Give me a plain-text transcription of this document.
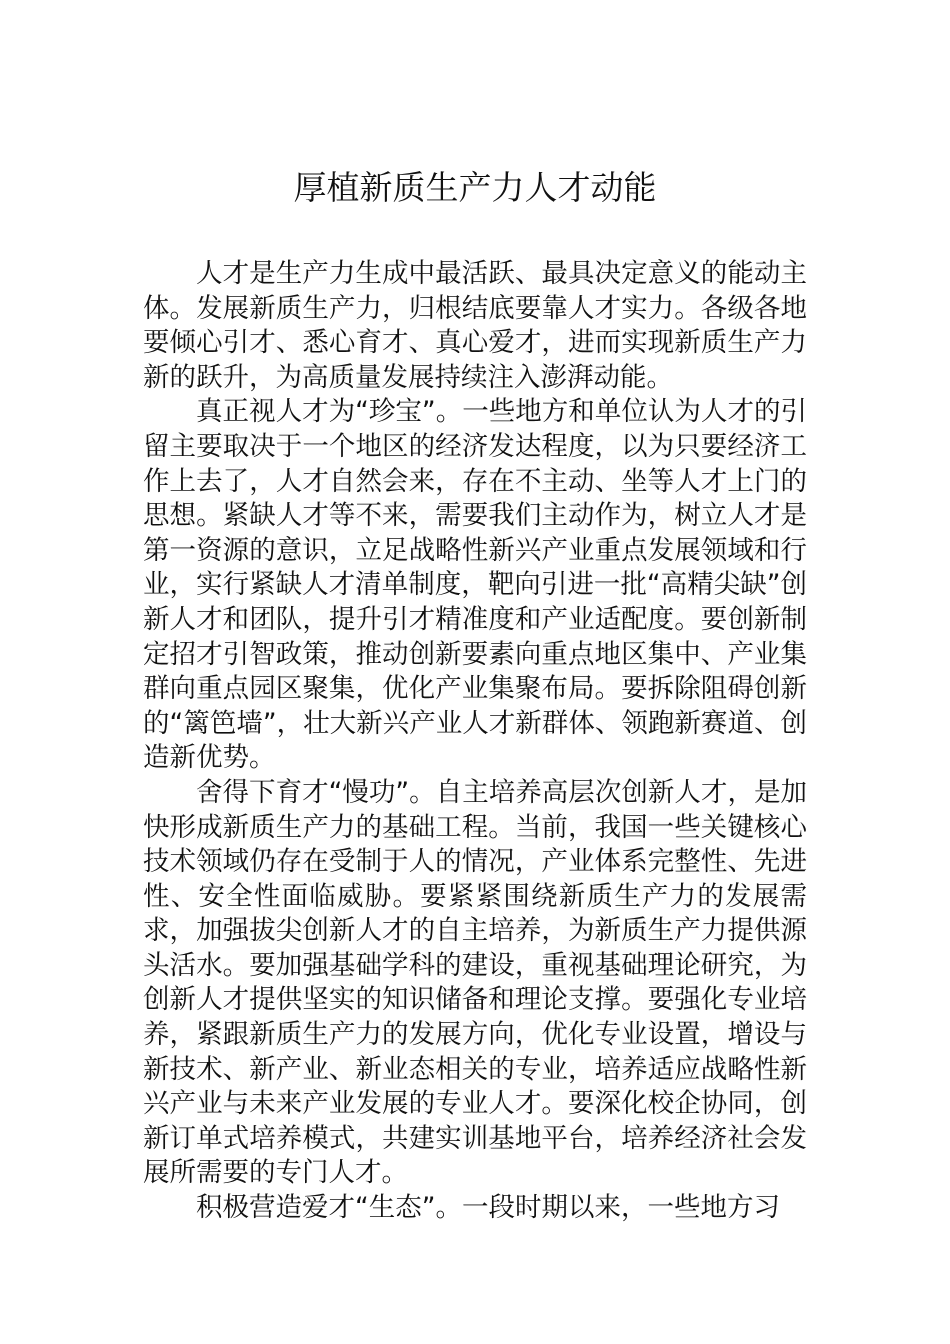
厚植新质生产力人才动能

人才是生产力生成中最活跃、最具决定意义的能动主体。发展新质生产力，归根结底要靠人才实力。各级各地要倾心引才、悉心育才、真心爱才，进而实现新质生产力新的跃升，为高质量发展持续注入澎湃动能。

真正视人才为“珍宝”。一些地方和单位认为人才的引留主要取决于一个地区的经济发达程度，以为只要经济工作上去了，人才自然会来，存在不主动、坐等人才上门的思想。紧缺人才等不来，需要我们主动作为，树立人才是第一资源的意识，立足战略性新兴产业重点发展领域和行业，实行紧缺人才清单制度，靶向引进一批“高精尖缺”创新人才和团队，提升引才精准度和产业适配度。要创新制定招才引智政策，推动创新要素向重点地区集中、产业集群向重点园区聚集，优化产业集聚布局。要拆除阻碍创新的“篱笆墙”，壮大新兴产业人才新群体、领跑新赛道、创造新优势。

舍得下育才“慢功”。自主培养高层次创新人才，是加快形成新质生产力的基础工程。当前，我国一些关键核心技术领域仍存在受制于人的情况，产业体系完整性、先进性、安全性面临威胁。要紧紧围绕新质生产力的发展需求，加强拔尖创新人才的自主培养，为新质生产力提供源头活水。要加强基础学科的建设，重视基础理论研究，为创新人才提供坚实的知识储备和理论支撑。要强化专业培养，紧跟新质生产力的发展方向，优化专业设置，增设与新技术、新产业、新业态相关的专业，培养适应战略性新兴产业与未来产业发展的专业人才。要深化校企协同，创新订单式培养模式，共建实训基地平台，培养经济社会发展所需要的专门人才。

积极营造爱才“生态”。一段时期以来，一些地方习
